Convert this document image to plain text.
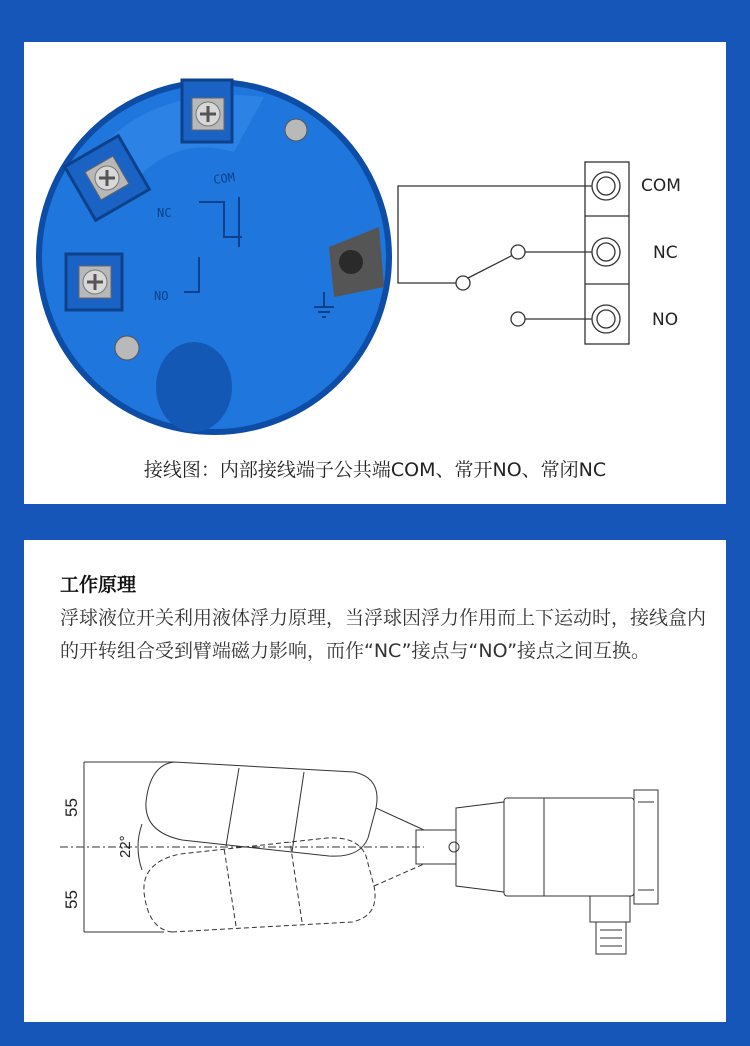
COM
NC
NO
COM
NC
NO
接线图：内部接线端子公共端COM、常开NO、常闭NC
工作原理
浮球液位开关利用液体浮力原理，当浮球因浮力作用而上下运动时，接线盒内的开转组合受到臂端磁力影响，而作“NC”接点与“NO”接点之间互换。
55
55
22°
